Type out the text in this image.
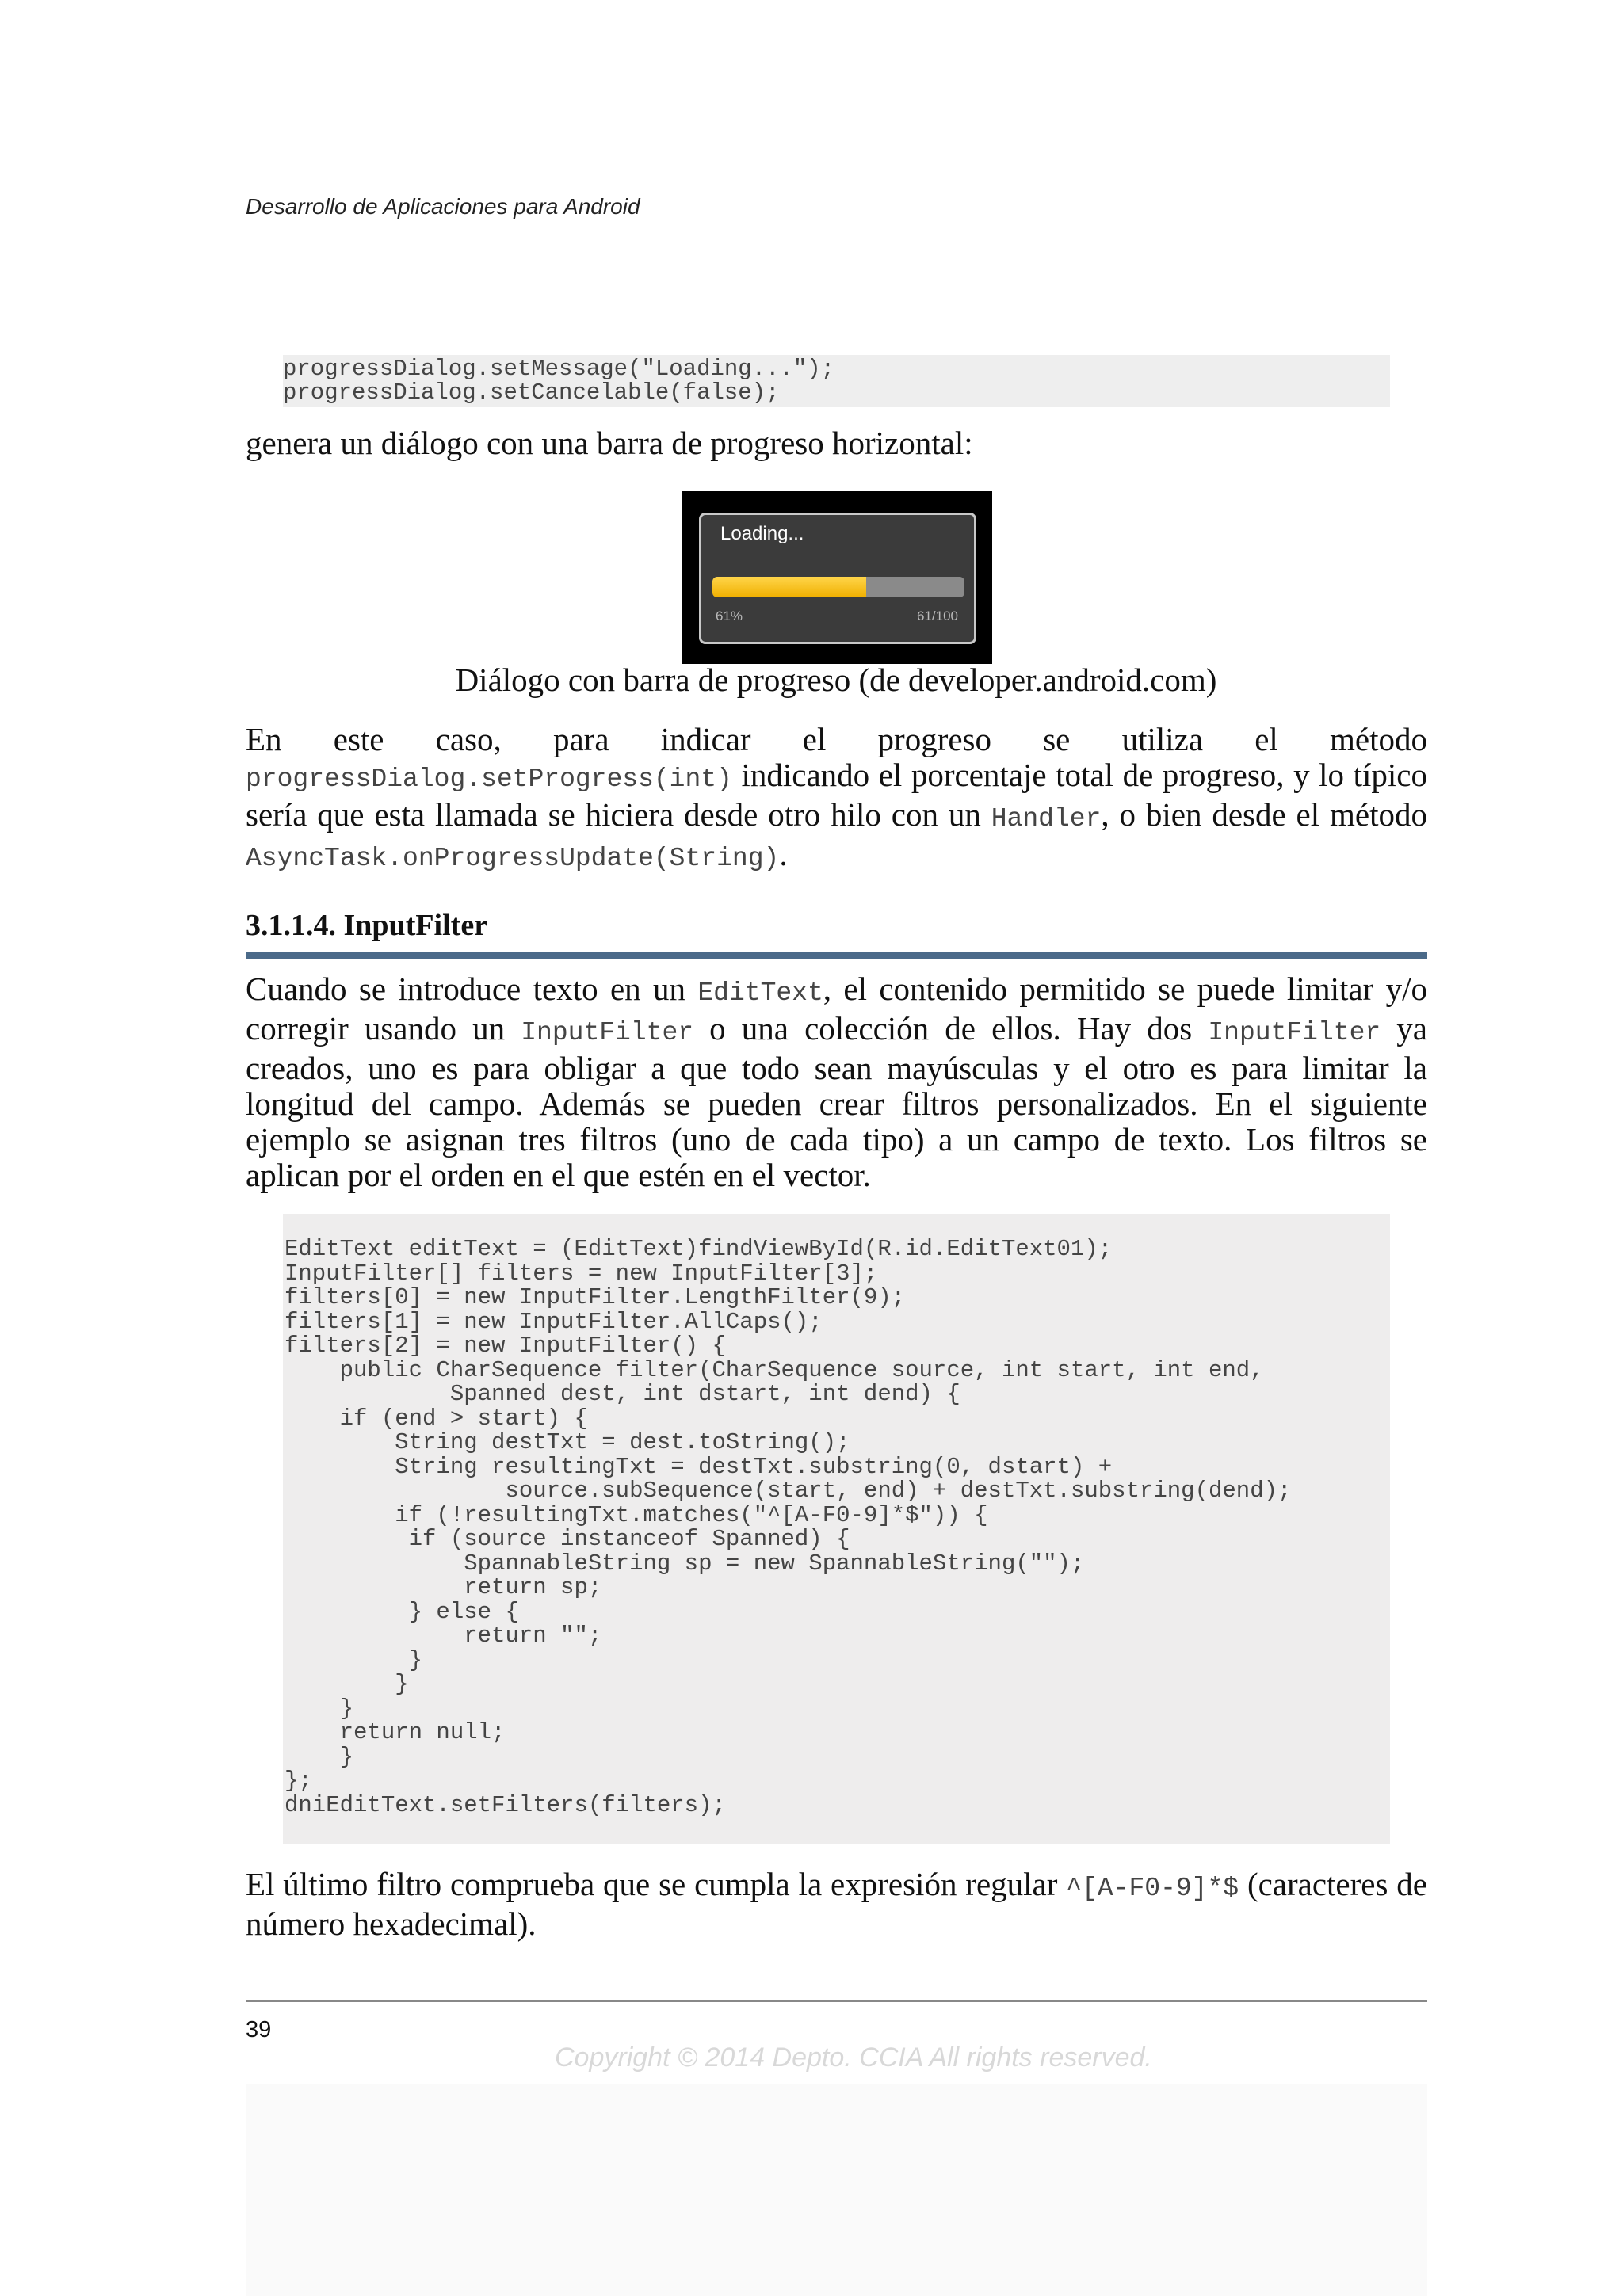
Desarrollo de Aplicaciones para Android
progressDialog.setMessage("Loading...");
progressDialog.setCancelable(false);
genera un diálogo con una barra de progreso horizontal:
Loading...
61%	61/100
Diálogo con barra de progreso (de developer.android.com)
En este caso, para indicar el progreso se utiliza el método progressDialog.setProgress(int) indicando el porcentaje total de progreso, y lo típico sería que esta llamada se hiciera desde otro hilo con un Handler, o bien desde el método AsyncTask.onProgressUpdate(String).
3.1.1.4. InputFilter
Cuando se introduce texto en un EditText, el contenido permitido se puede limitar y/o corregir usando un InputFilter o una colección de ellos. Hay dos InputFilter ya creados, uno es para obligar a que todo sean mayúsculas y el otro es para limitar la longitud del campo. Además se pueden crear filtros personalizados. En el siguiente ejemplo se asignan tres filtros (uno de cada tipo) a un campo de texto. Los filtros se aplican por el orden en el que estén en el vector.
EditText editText = (EditText)findViewById(R.id.EditText01);
InputFilter[] filters = new InputFilter[3];
filters[0] = new InputFilter.LengthFilter(9);
filters[1] = new InputFilter.AllCaps();
filters[2] = new InputFilter() {
public CharSequence filter(CharSequence source, int start, int end,
Spanned dest, int dstart, int dend) {
if (end > start) {
String destTxt = dest.toString();
String resultingTxt = destTxt.substring(0, dstart) +
source.subSequence(start, end) + destTxt.substring(dend);
if (!resultingTxt.matches("^[A-F0-9]*$")) {
if (source instanceof Spanned) {
SpannableString sp = new SpannableString("");
return sp;
} else {
return "";
}
}
}
return null;
}
};
dniEditText.setFilters(filters);
El último filtro comprueba que se cumpla la expresión regular ^[A-F0-9]*$ (caracteres de número hexadecimal).
39
Copyright © 2014 Depto. CCIA All rights reserved.
